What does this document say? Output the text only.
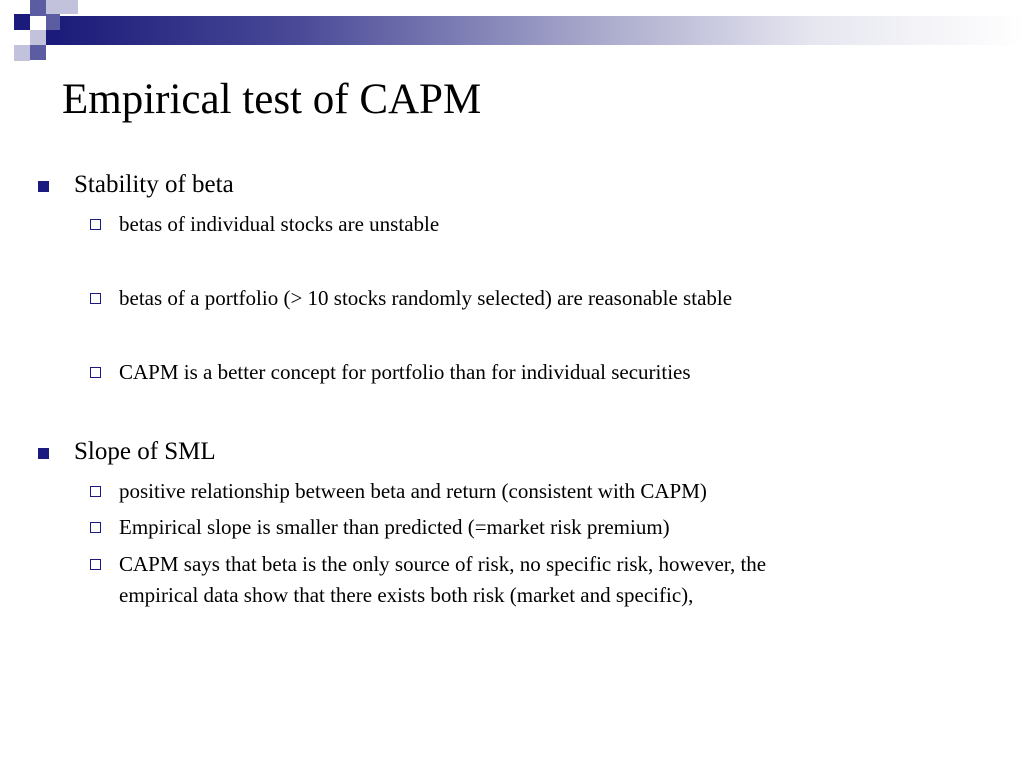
Empirical test of CAPM
Stability of beta
betas of individual stocks are unstable
betas of a portfolio (> 10 stocks randomly selected) are reasonable stable
CAPM is a better concept for portfolio than for individual securities
Slope of SML
positive relationship between beta and return (consistent with CAPM)
Empirical slope is smaller than predicted (=market risk premium)
CAPM says that beta is the only source of risk, no specific risk, however, the
empirical data show that there exists both risk (market and specific),
